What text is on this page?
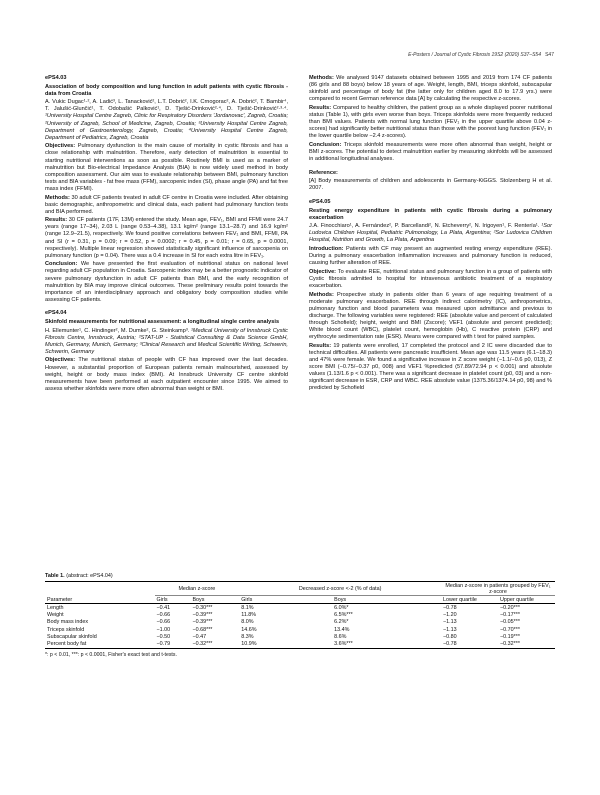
E-Posters / Journal of Cystic Fibrosis 19S2 (2020) S37–S54 S47

ePS4.03

Association of body composition and lung function in adult patients with cystic fibrosis - data from Croatia

A. Vukic Dugac¹·², A. Ladić³, L. Tanacković², L.T. Dobrić², I.K. Crnogorac², A. Dobrić², T. Bambir⁴, T. Jalušić-Glunčić¹, T. Odobašić Palković¹, D. Tješić-Drinković²·⁴, D. Tješić-Drinković²·³·⁴. ¹University Hospital Centre Zagreb, Clinic for Respiratory Disorders 'Jordanovac', Zagreb, Croatia; ²University of Zagreb, School of Medicine, Zagreb, Croatia; ³University Hospital Centre Zagreb, Department of Gastroenterology, Zagreb, Croatia; ⁴University Hospital Centre Zagreb, Department of Pediatrics, Zagreb, Croatia

Objectives: Pulmonary dysfunction is the main cause of mortality in cystic fibrosis and has a close relationship with malnutrition. Therefore, early detection of malnutrition is essential to starting nutritional interventions as soon as possible. Routinely BMI is used as a marker of malnutrition but Bio-electrical Impedance Analysis (BIA) is now widely used method in body composition assessment. Our aim was to evaluate relationship between BMI, pulmonary function tests and BIA variables - fat free mass (FFM), sarcopenic index (SI), phase angle (PA) and fat free mass index (FFMI).

Methods: 30 adult CF patients treated in adult CF centre in Croatia were included. After obtaining basic demographic, anthropometric and clinical data, each patient had pulmonary function tests and BIA performed.

Results: 30 CF patients (17F, 13M) entered the study. Mean age, FEV₁, BMI and FFMI were 24.7 years (range 17–34), 2.03 L (range 0.53–4.38), 13.1 kg/m² (range 13.1–28.7) and 16.9 kg/m² (range 12.9–21.5), respectively. We found positive correlations between FEV₁ and BMI, FFMI, PA and SI (r = 0.31, p = 0.09; r = 0.52, p = 0.0002; r = 0.45, p = 0.01; r = 0.65, p = 0.0001, respectively). Multiple linear regression showed statistically significant influence of sarcopenia on pulmonary function (p = 0.04). There was a 0.4 increase in SI for each extra litre in FEV₁.

Conclusion: We have presented the first evaluation of nutritional status on national level regarding adult CF population in Croatia. Sarcopenic index may be a better prognostic indicator of severe pulmonary dysfunction in adult CF patients than BMI, and the early recognition of malnutrition by BIA may improve clinical outcomes. These preliminary results point towards the importance of an interdisciplinary approach and obligatory body composition studies while assessing CF patients.

ePS4.04

Skinfold measurements for nutritional assessment: a longitudinal single centre analysis

H. Ellemunter¹, C. Hindinger², M. Dumke², G. Steinkamp³. ¹Medical University of Innsbruck Cystic Fibrosis Centre, Innsbruck, Austria; ²STAT-UP - Statistical Consulting & Data Science GmbH, Munich, Germany, Munich, Germany; ³Clinical Research and Medical Scientific Writing, Schwerin, Schwerin, Germany

Objectives: The nutritional status of people with CF has improved over the last decades. However, a substantial proportion of European patients remain malnourished, assessed by weight, height or body mass index (BMI). At Innsbruck University CF centre skinfold measurements have been performed at each outpatient encounter since 1995. We aimed to assess whether skinfolds were more often abnormal than weight or BMI.

Methods: We analysed 9147 datasets obtained between 1995 and 2019 from 174 CF patients (86 girls and 88 boys) below 18 years of age. Weight, length, BMI, triceps skinfold, subscapular skinfold and percentage of body fat (the latter only for children aged 8.0 to 17.9 yrs.) were compared to recent German reference data [A] by calculating the respective z-scores.

Results: Compared to healthy children, the patient group as a whole displayed poorer nutritional status (Table 1), with girls even worse than boys. Triceps skinfolds were more frequently reduced than BMI values. Patients with normal lung function (FEV₁ in the upper quartile above 0.04 z-scores) had significantly better nutritional status than those with the poorest lung function (FEV₁ in the lower quartile below −2.4 z-scores).

Conclusion: Triceps skinfold measurements were more often abnormal than weight, height or BMI z-scores. The potential to detect malnutrition earlier by measuring skinfolds will be assessed in additional longitudinal analyses.

Reference:

[A] Body measurements of children and adolescents in Germany-KiGGS. Stolzenberg H et al. 2007.

ePS4.05

Resting energy expenditure in patients with cystic fibrosis during a pulmonary exacerbation

J.A. Finocchiaro¹, A. Fernández², P. Barcellandi², N. Etcheverry², N. Irigoyen¹, F. Rentería¹. ¹Sor Ludovica Children Hospital, Pediatric Pulmonology, La Plata, Argentina; ²Sor Ludovica Children Hospital, Nutrition and Growth, La Plata, Argentina

Introduction: Patients with CF may present an augmented resting energy expenditure (REE). During a pulmonary exacerbation inflammation increases and pulmonary function is reduced, causing further alteration of REE.

Objective: To evaluate REE, nutritional status and pulmonary function in a group of patients with Cystic fibrosis admitted to hospital for intravenous antibiotic treatment of a respiratory exacerbation.

Methods: Prospective study in patients older than 6 years of age requiring treatment of a moderate pulmonary exacerbation. REE through indirect calorimetry (IC), anthropometrics, pulmonary function and blood parameters was measured upon admittance and previous to discharge. The following variables were registered: REE (absolute value and percent of calculated through Schofield); height, weight and BMI (Zscore); VEF1 (absolute and percent predicted); White blood count (WBC), platelet count, hemoglobin (Hb), C reactive protein (CRP) and erythrocyte sedimentation rate (ESR). Means were compared with t test for paired samples.

Results: 19 patients were enrolled, 17 completed the protocol and 2 IC were discarded due to technical difficulties. All patients were pancreatic insufficient. Mean age was 11.5 years (6.1–18.3) and 47% were female. We found a significative increase in Z score weight (−1.1/−0.6 p0, 013), Z score BMI (−0.75/−0.37 p0, 008) and VEF1 %predicted (57.89/72.94 p < 0.001) and absolute values (1.13/1.6 p < 0.001). There was a significant decrease in platelet count (p0, 03) and a non-significant decrease in ESR, CRP and WBC. REE absolute value (1375.36/1374.14 p0, 98) and % predicted by Schofield

Table 1. (abstract: ePS4.04)
Parameter	Median z-score		Decreased z-score <-2 (% of data)		Median z-score in patients grouped by FEV₁ z-score	
	Girls	Boys	Girls	Boys	Lower quartile	Upper quartile
Length	−0.41	−0.30***	8.1%	6.0%*	−0.78	−0.20***
Weight	−0.66	−0.39***	11.8%	6.5%***	−1.20	−0.17***
Body mass index	−0.66	−0.39***	8.0%	6.2%*	−1.13	−0.05***
Triceps skinfold	−1.00	−0.68***	14.6%	13.4%	−1.13	−0.70***
Subscapular skinfold	−0.50	−0.47	8.3%	8.6%	−0.80	−0.19***
Percent body fat	−0.79	−0.32***	10.9%	3.6%***	−0.78	−0.32***
*: p < 0.01, ***: p < 0.0001, Fisher's exact test and t-tests.
